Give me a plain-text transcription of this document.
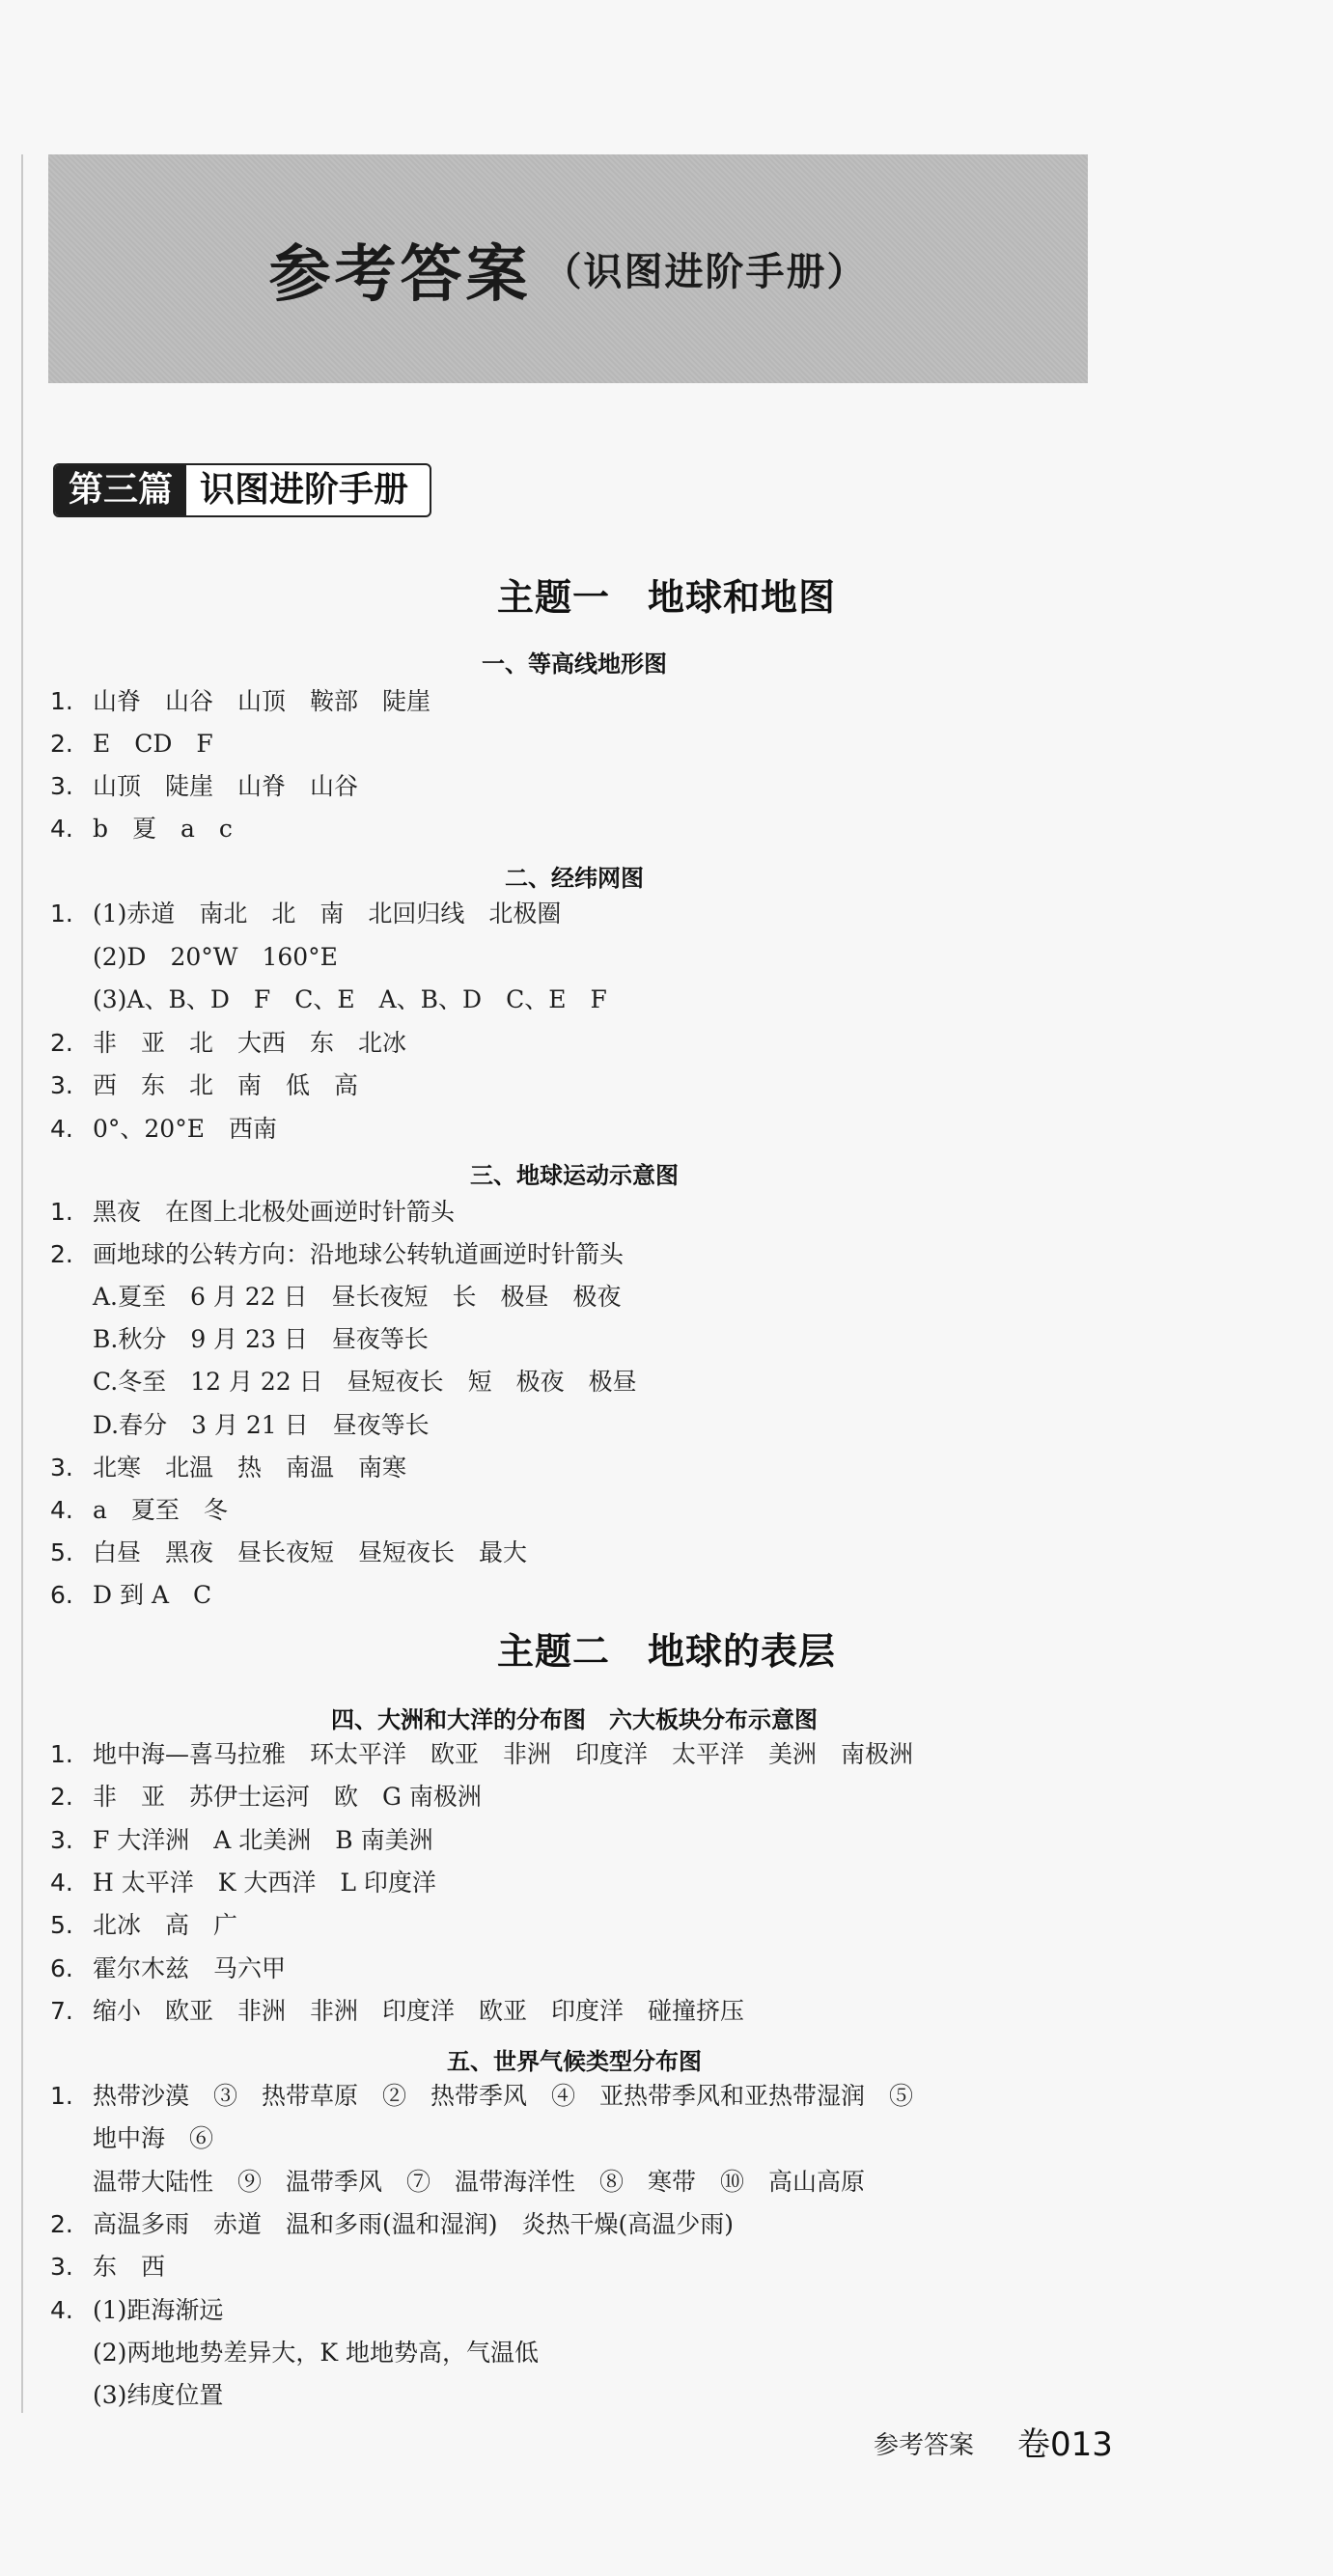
参考答案 （识图进阶手册）
第三篇 识图进阶手册
主题一　地球和地图
一、等高线地形图
1. 山脊　山谷　山顶　鞍部　陡崖
2. E　CD　F
3. 山顶　陡崖　山脊　山谷
4. b　夏　a　c
二、经纬网图
1. (1)赤道　南北　北　南　北回归线　北极圈
(2)D　20°W　160°E
(3)A、B、D　F　C、E　A、B、D　C、E　F
2. 非　亚　北　大西　东　北冰
3. 西　东　北　南　低　高
4. 0°、20°E　西南
三、地球运动示意图
1. 黑夜　在图上北极处画逆时针箭头
2. 画地球的公转方向：沿地球公转轨道画逆时针箭头
A.夏至　6 月 22 日　昼长夜短　长　极昼　极夜
B.秋分　9 月 23 日　昼夜等长
C.冬至　12 月 22 日　昼短夜长　短　极夜　极昼
D.春分　3 月 21 日　昼夜等长
3. 北寒　北温　热　南温　南寒
4. a　夏至　冬
5. 白昼　黑夜　昼长夜短　昼短夜长　最大
6. D 到 A　C
主题二　地球的表层
四、大洲和大洋的分布图　六大板块分布示意图
1. 地中海—喜马拉雅　环太平洋　欧亚　非洲　印度洋　太平洋　美洲　南极洲
2. 非　亚　苏伊士运河　欧　G 南极洲
3. F 大洋洲　A 北美洲　B 南美洲
4. H 太平洋　K 大西洋　L 印度洋
5. 北冰　高　广
6. 霍尔木兹　马六甲
7. 缩小　欧亚　非洲　非洲　印度洋　欧亚　印度洋　碰撞挤压
五、世界气候类型分布图
1. 热带沙漠　③　热带草原　②　热带季风　④　亚热带季风和亚热带湿润　⑤
地中海　⑥
温带大陆性　⑨　温带季风　⑦　温带海洋性　⑧　寒带　⑩　高山高原
2. 高温多雨　赤道　温和多雨(温和湿润)　炎热干燥(高温少雨)
3. 东　西
4. (1)距海渐远
(2)两地地势差异大，K 地地势高，气温低
(3)纬度位置
参考答案 卷013
